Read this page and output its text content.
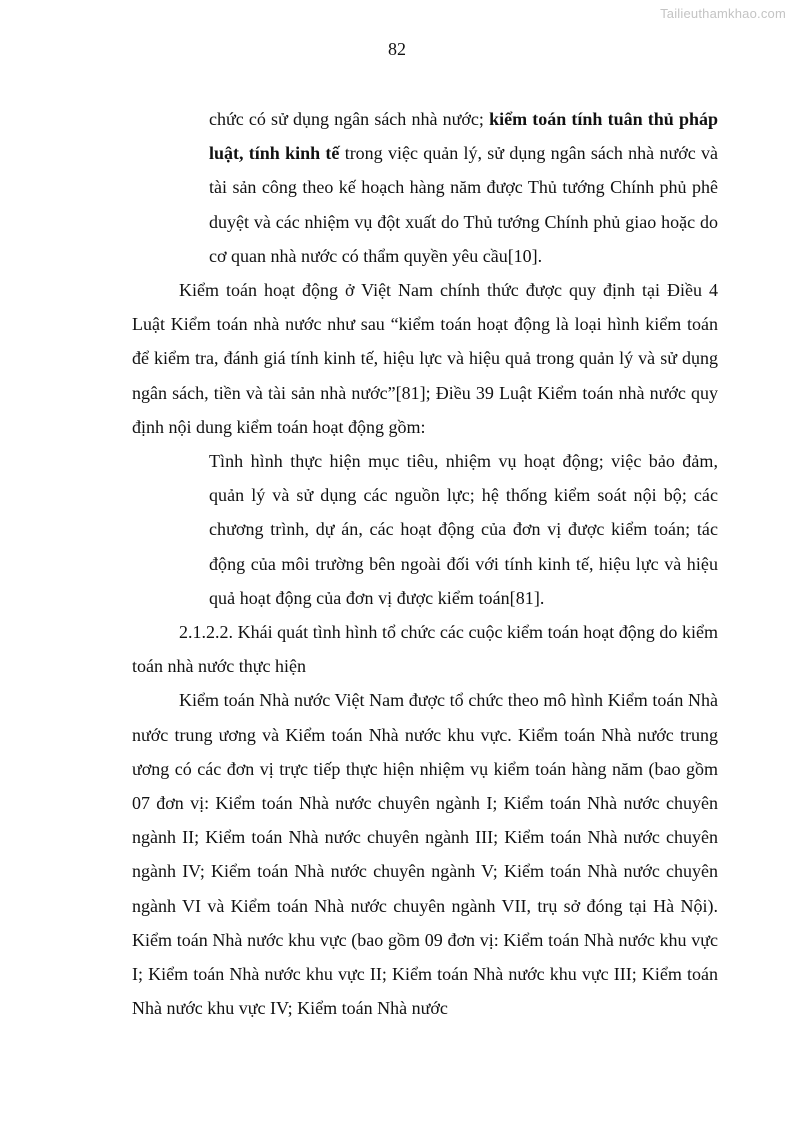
Tailieuthamkhao.com
82

chức có sử dụng ngân sách nhà nước; kiểm toán tính tuân thủ pháp luật, tính kinh tế trong việc quản lý, sử dụng ngân sách nhà nước và tài sản công theo kế hoạch hàng năm được Thủ tướng Chính phủ phê duyệt và các nhiệm vụ đột xuất do Thủ tướng Chính phủ giao hoặc do cơ quan nhà nước có thẩm quyền yêu cầu[10].

Kiểm toán hoạt động ở Việt Nam chính thức được quy định tại Điều 4 Luật Kiểm toán nhà nước như sau “kiểm toán hoạt động là loại hình kiểm toán để kiểm tra, đánh giá tính kinh tế, hiệu lực và hiệu quả trong quản lý và sử dụng ngân sách, tiền và tài sản nhà nước”[81]; Điều 39 Luật Kiểm toán nhà nước quy định nội dung kiểm toán hoạt động gồm:

Tình hình thực hiện mục tiêu, nhiệm vụ hoạt động; việc bảo đảm, quản lý và sử dụng các nguồn lực; hệ thống kiểm soát nội bộ; các chương trình, dự án, các hoạt động của đơn vị được kiểm toán; tác động của môi trường bên ngoài đối với tính kinh tế, hiệu lực và hiệu quả hoạt động của đơn vị được kiểm toán[81].

2.1.2.2. Khái quát tình hình tổ chức các cuộc kiểm toán hoạt động do kiểm toán nhà nước thực hiện

Kiểm toán Nhà nước Việt Nam được tổ chức theo mô hình Kiểm toán Nhà nước trung ương và Kiểm toán Nhà nước khu vực. Kiểm toán Nhà nước trung ương có các đơn vị trực tiếp thực hiện nhiệm vụ kiểm toán hàng năm (bao gồm 07 đơn vị: Kiểm toán Nhà nước chuyên ngành I; Kiểm toán Nhà nước chuyên ngành II; Kiểm toán Nhà nước chuyên ngành III; Kiểm toán Nhà nước chuyên ngành IV; Kiểm toán Nhà nước chuyên ngành V; Kiểm toán Nhà nước chuyên ngành VI và Kiểm toán Nhà nước chuyên ngành VII, trụ sở đóng tại Hà Nội). Kiểm toán Nhà nước khu vực (bao gồm 09 đơn vị: Kiểm toán Nhà nước khu vực I; Kiểm toán Nhà nước khu vực II; Kiểm toán Nhà nước khu vực III; Kiểm toán Nhà nước khu vực IV; Kiểm toán Nhà nước
